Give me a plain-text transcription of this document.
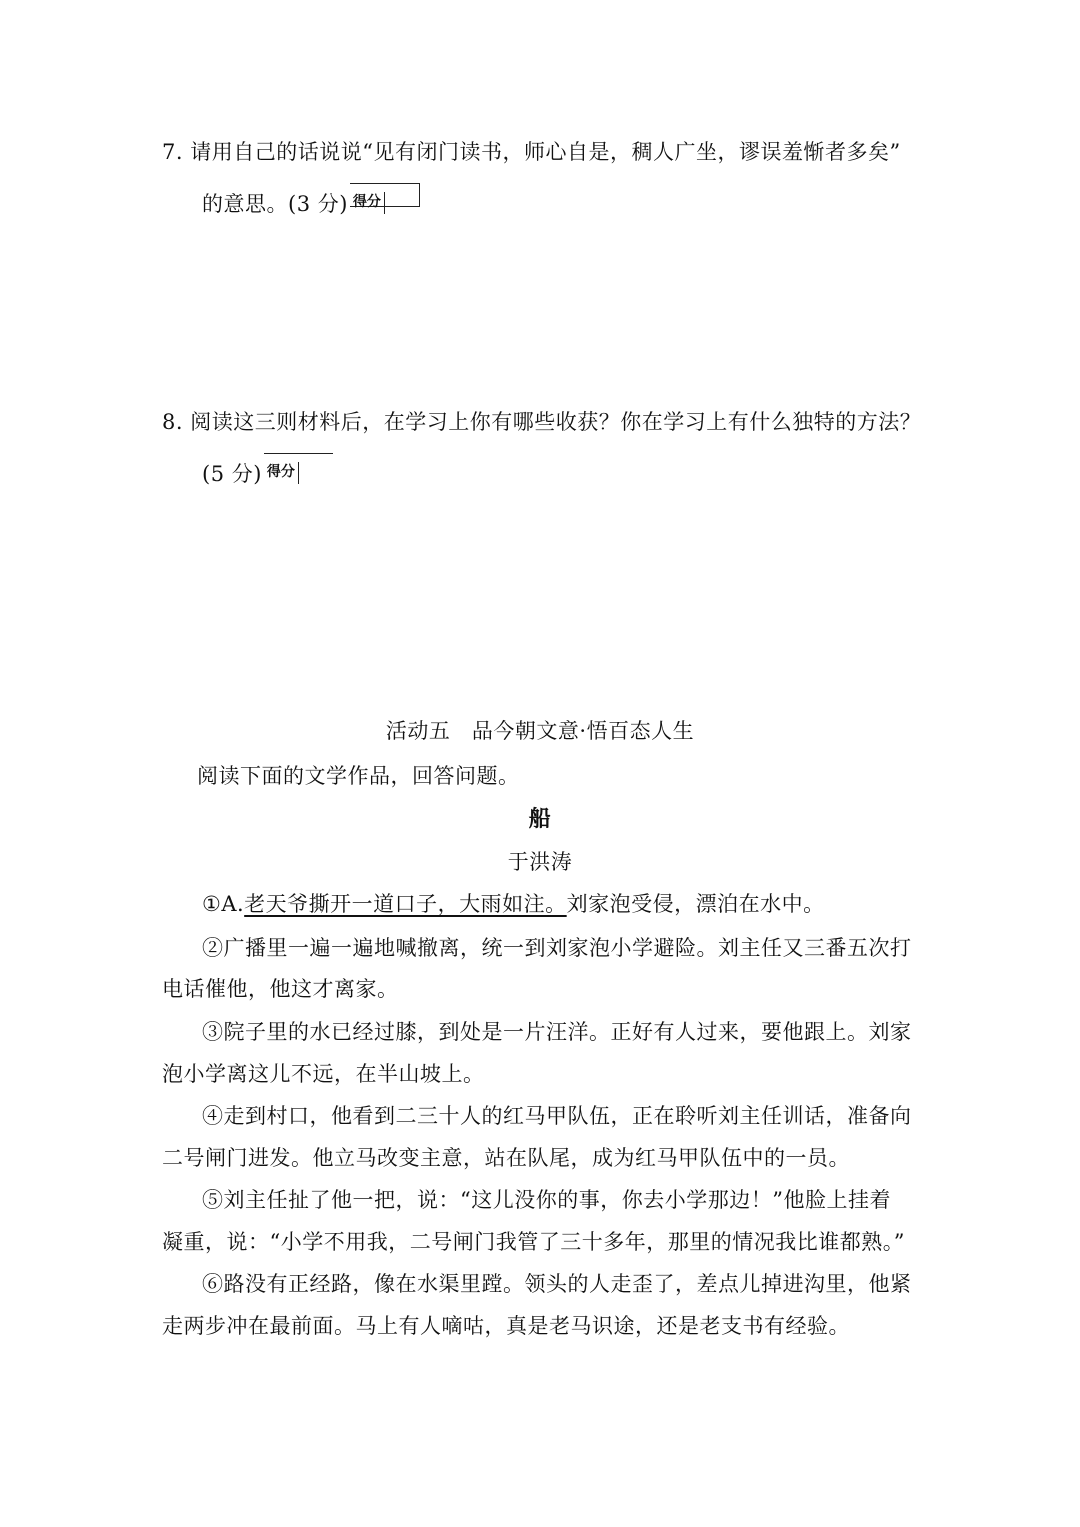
7. 请用自己的话说说“见有闭门读书，师心自是，稠人广坐，谬误羞惭者多矣”
的意思。(3 分) 得分
8. 阅读这三则材料后，在学习上你有哪些收获？你在学习上有什么独特的方法？
(5 分) 得分
活动五　品今朝文意·悟百态人生
阅读下面的文学作品，回答问题。
船
于洪涛
①A.老天爷撕开一道口子，大雨如注。刘家泡受侵，漂泊在水中。
②广播里一遍一遍地喊撤离，统一到刘家泡小学避险。刘主任又三番五次打
电话催他，他这才离家。
③院子里的水已经过膝，到处是一片汪洋。正好有人过来，要他跟上。刘家
泡小学离这儿不远，在半山坡上。
④走到村口，他看到二三十人的红马甲队伍，正在聆听刘主任训话，准备向
二号闸门进发。他立马改变主意，站在队尾，成为红马甲队伍中的一员。
⑤刘主任扯了他一把，说：“这儿没你的事，你去小学那边！”他脸上挂着
凝重，说：“小学不用我，二号闸门我管了三十多年，那里的情况我比谁都熟。”
⑥路没有正经路，像在水渠里蹚。领头的人走歪了，差点儿掉进沟里，他紧
走两步冲在最前面。马上有人嘀咕，真是老马识途，还是老支书有经验。
